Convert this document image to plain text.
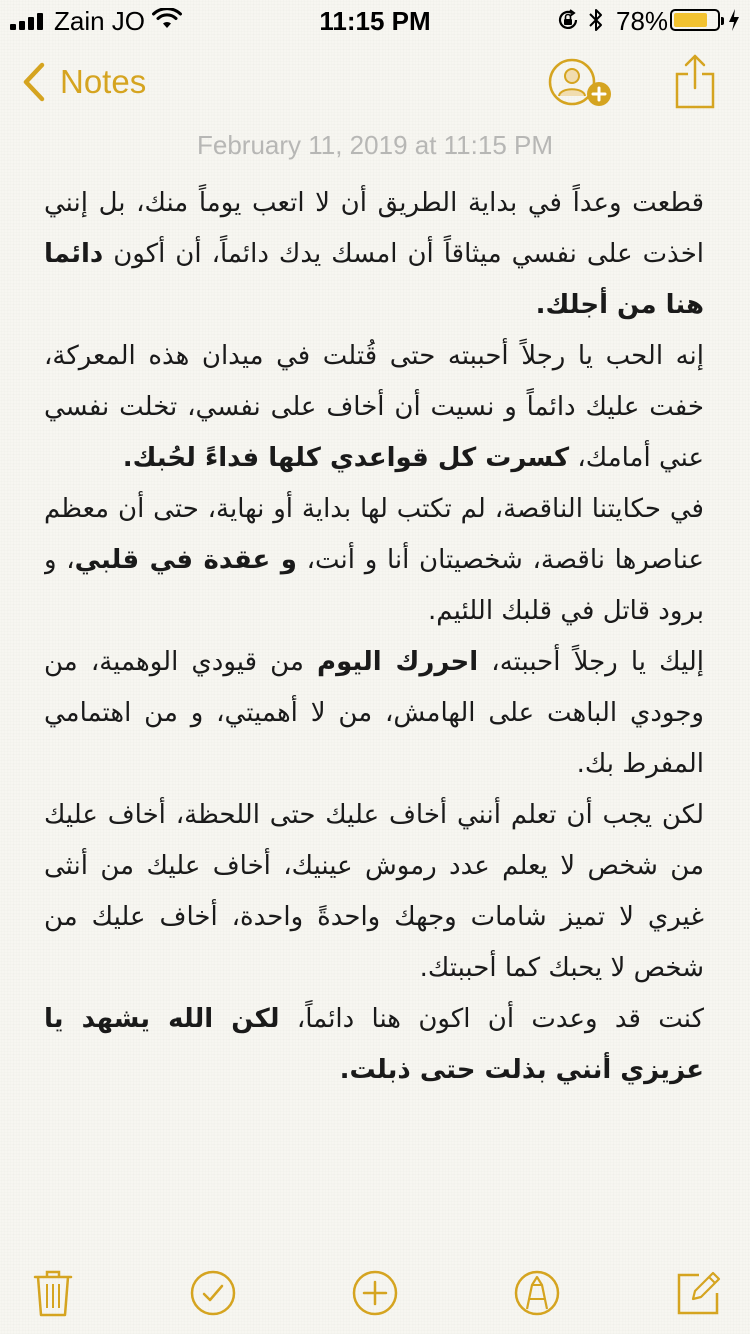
Zain JO	11:15 PM	78%
Notes
February 11, 2019 at 11:15 PM

قطعت وعداً في بداية الطريق أن لا اتعب يوماً منك، بل إنني اخذت على نفسي ميثاقاً أن امسك يدك دائماً، أن أكون دائما هنا من أجلك.

إنه الحب يا رجلاً أحببته حتى قُتلت في ميدان هذه المعركة، خفت عليك دائماً و نسيت أن أخاف على نفسي، تخلت نفسي عني أمامك، كسرت كل قواعدي كلها فداءً لحُبك.

في حكايتنا الناقصة، لم تكتب لها بداية أو نهاية، حتى أن معظم عناصرها ناقصة، شخصيتان أنا و أنت، و عقدة في قلبي، و برود قاتل في قلبك اللئيم.

إليك يا رجلاً أحببته، احررك اليوم من قيودي الوهمية، من وجودي الباهت على الهامش، من لا أهميتي، و من اهتمامي المفرط بك.

لكن يجب أن تعلم أنني أخاف عليك حتى اللحظة، أخاف عليك من شخص لا يعلم عدد رموش عينيك، أخاف عليك من أنثى غيري لا تميز شامات وجهك واحدةً واحدة، أخاف عليك من شخص لا يحبك كما أحببتك.

كنت قد وعدت أن اكون هنا دائماً، لكن الله يشهد يا عزيزي أنني بذلت حتى ذبلت.
